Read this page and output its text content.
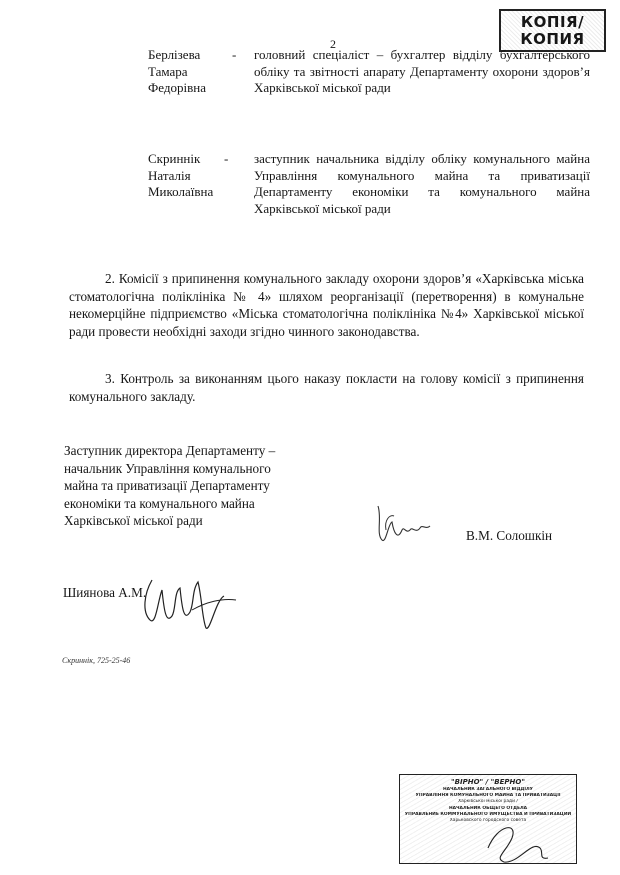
КОПІЯ/
КОПИЯ
2
Берлізева
Тамара
Федорівна
- головний спеціаліст – бухгалтер відділу бухгалтерського обліку та звітності апарату Департаменту охорони здоров’я Харківської міської ради
Скриннік
Наталія
Миколаївна
- заступник начальника відділу обліку комунального майна Управління комунального майна та приватизації Департаменту економіки та комунального майна Харківської міської ради

2. Комісії з припинення комунального закладу охорони здоров’я «Харківська міська стоматологічна поліклініка № 4» шляхом реорганізації (перетворення) в комунальне некомерційне підприємство «Міська стоматологічна поліклініка №4» Харківської міської ради провести необхідні заходи згідно чинного законодавства.

3. Контроль за виконанням цього наказу покласти на голову комісії з припинення комунального закладу.

Заступник директора Департаменту –
начальник Управління комунального
майна та приватизації Департаменту
економіки та комунального майна
Харківської міської ради
В.М. Солошкін
Шиянова А.М.
Скриннік, 725-25-46
"ВІРНО" / "ВЕРНО"
НАЧАЛЬНИК ЗАГАЛЬНОГО ВІДДІЛУ
УПРАВЛІННЯ КОМУНАЛЬНОГО МАЙНА ТА ПРИВАТИЗАЦІЇ
Харківської міської ради /
НАЧАЛЬНИК ОБЩЕГО ОТДЕЛА
УПРАВЛЕНИЕ КОММУНАЛЬНОГО ИМУЩЕСТВА И ПРИВАТИЗАЦИИ
Харьковского городского совета
